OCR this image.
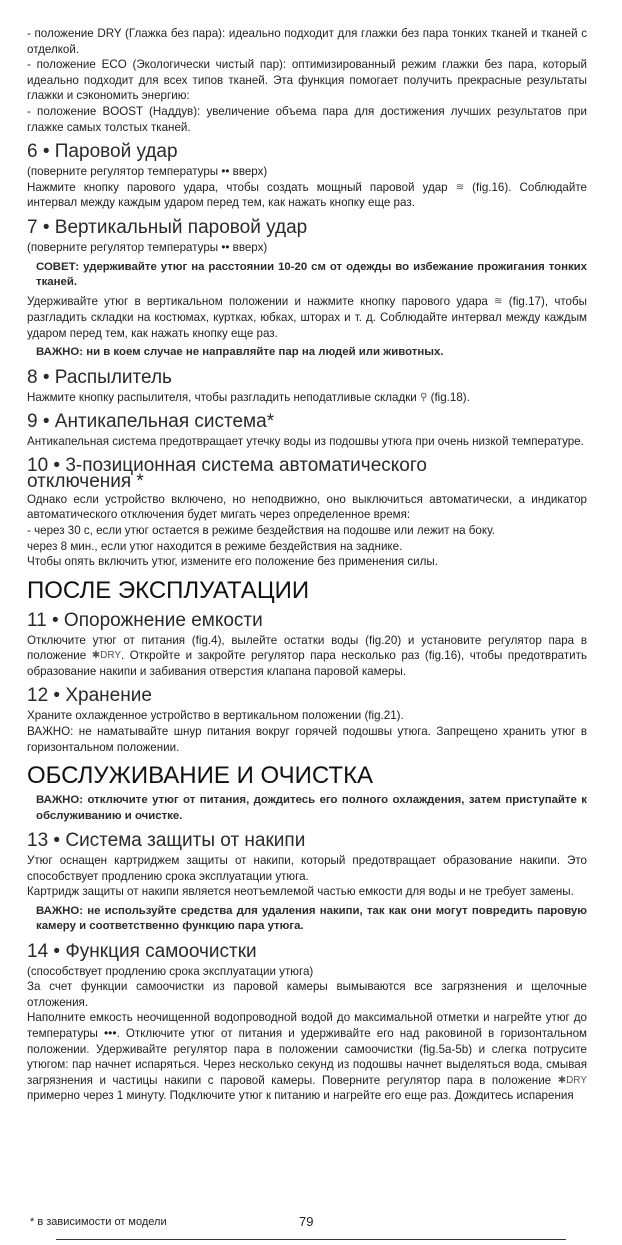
- положение DRY (Глажка без пара): идеально подходит для глажки без пара тонких тканей и тканей с отделкой.

- положение ECO (Экологически чистый пар): оптимизированный режим глажки без пара, который идеально подходит для всех типов тканей. Эта функция помогает получить прекрасные результаты глажки и сэкономить энергию:

- положение BOOST (Наддув): увеличение объема пара для достижения лучших результатов при глажке самых толстых тканей.

6 • Паровой удар

(поверните регулятор температуры •• вверх)

Нажмите кнопку парового удара, чтобы создать мощный паровой удар ≋ (fig.16). Соблюдайте интервал между каждым ударом перед тем, как нажать кнопку еще раз.

7 • Вертикальный паровой удар

(поверните регулятор температуры •• вверх)

СОВЕТ: удерживайте утюг на расстоянии 10-20 см от одежды во избежание прожигания тонких тканей.

Удерживайте утюг в вертикальном положении и нажмите кнопку парового удара ≋ (fig.17), чтобы разгладить складки на костюмах, куртках, юбках, шторах и т. д. Соблюдайте интервал между каждым ударом перед тем, как нажать кнопку еще раз.

ВАЖНО: ни в коем случае не направляйте пар на людей или животных.

8 • Распылитель

Нажмите кнопку распылителя, чтобы разгладить неподатливые складки ⚲ (fig.18).

9 • Антикапельная система*

Антикапельная система предотвращает утечку воды из подошвы утюга при очень низкой температуре.

10 • 3-позиционная система автоматического
отключения *

Однако если устройство включено, но неподвижно, оно выключиться автоматически, а индикатор автоматического отключения будет мигать через определенное время:

- через 30 с, если утюг остается в режиме бездействия на подошве или лежит на боку.

через 8 мин., если утюг находится в режиме бездействия на заднике.

Чтобы опять включить утюг, измените его положение без применения силы.

ПОСЛЕ ЭКСПЛУАТАЦИИ
11 • Опорожнение емкости

Отключите утюг от питания (fig.4), вылейте остатки воды (fig.20) и установите регулятор пара в положение ✱DRY. Откройте и закройте регулятор пара несколько раз (fig.16), чтобы предотвратить образование накипи и забивания отверстия клапана паровой камеры.

12 • Хранение

Храните охлажденное устройство в вертикальном положении (fig.21).

ВАЖНО: не наматывайте шнур питания вокруг горячей подошвы утюга. Запрещено хранить утюг в горизонтальном положении.

ОБСЛУЖИВАНИЕ И ОЧИСТКА

ВАЖНО: отключите утюг от питания, дождитесь его полного охлаждения, затем приступайте к обслуживанию и очистке.

13 • Система защиты от накипи

Утюг оснащен картриджем защиты от накипи, который предотвращает образование накипи. Это способствует продлению срока эксплуатации утюга.

Картридж защиты от накипи является неотъемлемой частью емкости для воды и не требует замены.

ВАЖНО: не используйте средства для удаления накипи, так как они могут повредить паровую камеру и соответственно функцию пара утюга.

14 • Функция самоочистки

(способствует продлению срока эксплуатации утюга)

За счет функции самоочистки из паровой камеры вымываются все загрязнения и щелочные отложения.

Наполните емкость неочищенной водопроводной водой до максимальной отметки и нагрейте утюг до температуры •••. Отключите утюг от питания и удерживайте его над раковиной в горизонтальном положении. Удерживайте регулятор пара в положении самоочистки (fig.5a-5b) и слегка потрусите утюгом: пар начнет испаряться. Через несколько секунд из подошвы начнет выделяться вода, смывая загрязнения и частицы накипи с паровой камеры. Поверните регулятор пара в положение ✱DRY примерно через 1 минуту. Подключите утюг к питанию и нагрейте его еще раз. Дождитесь испарения

* в зависимости от модели	79
